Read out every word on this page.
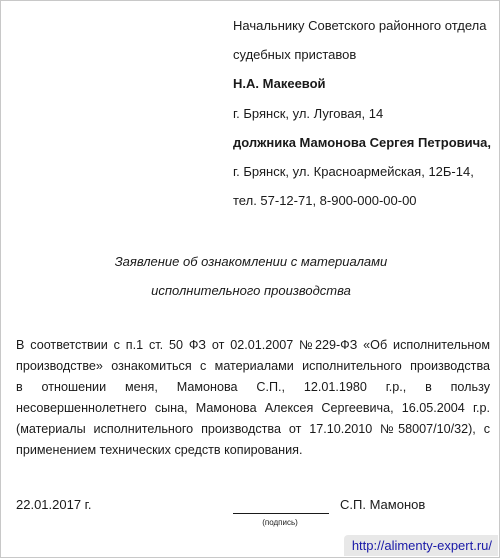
Начальнику Советского районного отдела
судебных приставов
Н.А. Макеевой
г. Брянск, ул. Луговая, 14
должника Мамонова Сергея Петровича,
г. Брянск, ул. Красноармейская, 12Б-14,
тел. 57-12-71, 8-900-000-00-00
Заявление об ознакомлении с материалами
исполнительного производства
В соответствии с п.1 ст. 50 ФЗ от 02.01.2007 №229-ФЗ «Об исполнительном
производстве» ознакомиться с материалами исполнительного производства
в отношении меня, Мамонова С.П., 12.01.1980 г.р., в пользу
несовершеннолетнего сына, Мамонова Алексея Сергеевича, 16.05.2004 г.р.
(материалы исполнительного производства от 17.10.2010 №58007/10/32), с
применением технических средств копирования.
22.01.2017 г.
(подпись)
С.П. Мамонов
http://alimenty-expert.ru/
